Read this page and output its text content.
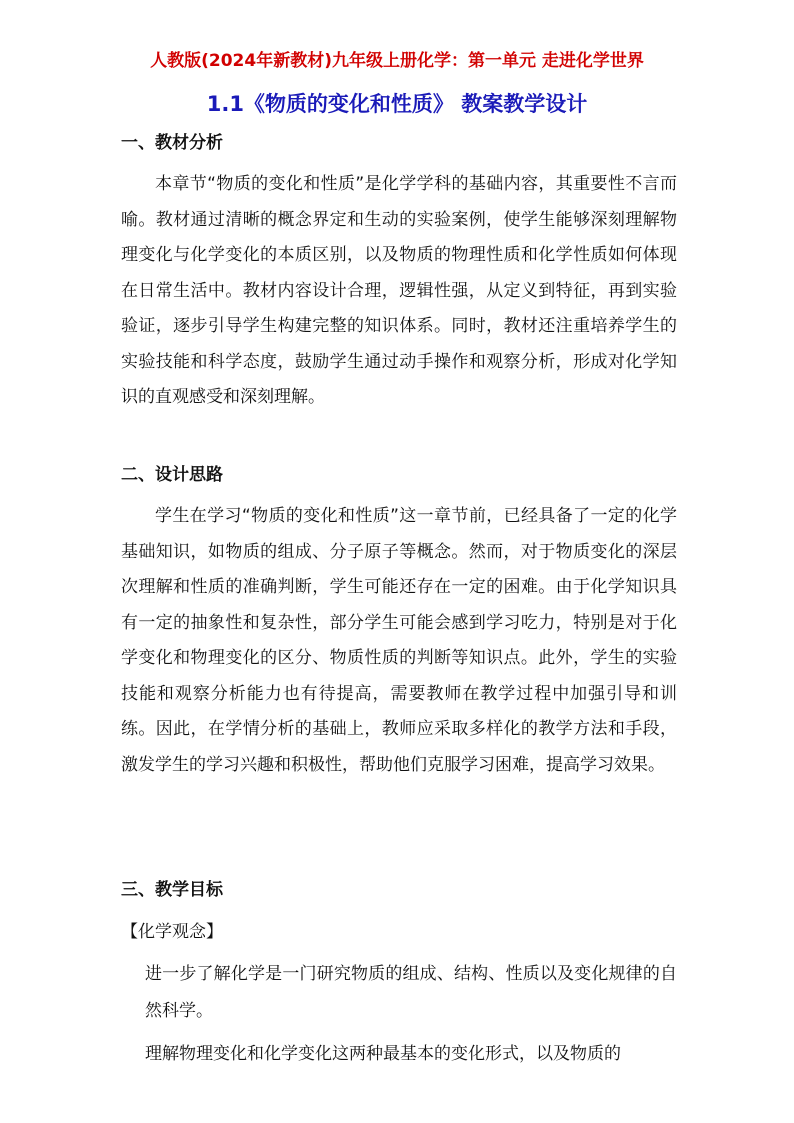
人教版(2024年新教材)九年级上册化学：第一单元 走进化学世界
1.1《物质的变化和性质》 教案教学设计
一、教材分析

本章节“物质的变化和性质”是化学学科的基础内容，其重要性不言而喻。教材通过清晰的概念界定和生动的实验案例，使学生能够深刻理解物理变化与化学变化的本质区别，以及物质的物理性质和化学性质如何体现在日常生活中。教材内容设计合理，逻辑性强，从定义到特征，再到实验验证，逐步引导学生构建完整的知识体系。同时，教材还注重培养学生的实验技能和科学态度，鼓励学生通过动手操作和观察分析，形成对化学知识的直观感受和深刻理解。

二、设计思路

学生在学习“物质的变化和性质”这一章节前，已经具备了一定的化学基础知识，如物质的组成、分子原子等概念。然而，对于物质变化的深层次理解和性质的准确判断，学生可能还存在一定的困难。由于化学知识具有一定的抽象性和复杂性，部分学生可能会感到学习吃力，特别是对于化学变化和物理变化的区分、物质性质的判断等知识点。此外，学生的实验技能和观察分析能力也有待提高，需要教师在教学过程中加强引导和训练。因此，在学情分析的基础上，教师应采取多样化的教学方法和手段，激发学生的学习兴趣和积极性，帮助他们克服学习困难，提高学习效果。

三、教学目标
【化学观念】

进一步了解化学是一门研究物质的组成、结构、性质以及变化规律的自然科学。

理解物理变化和化学变化这两种最基本的变化形式，以及物质的
